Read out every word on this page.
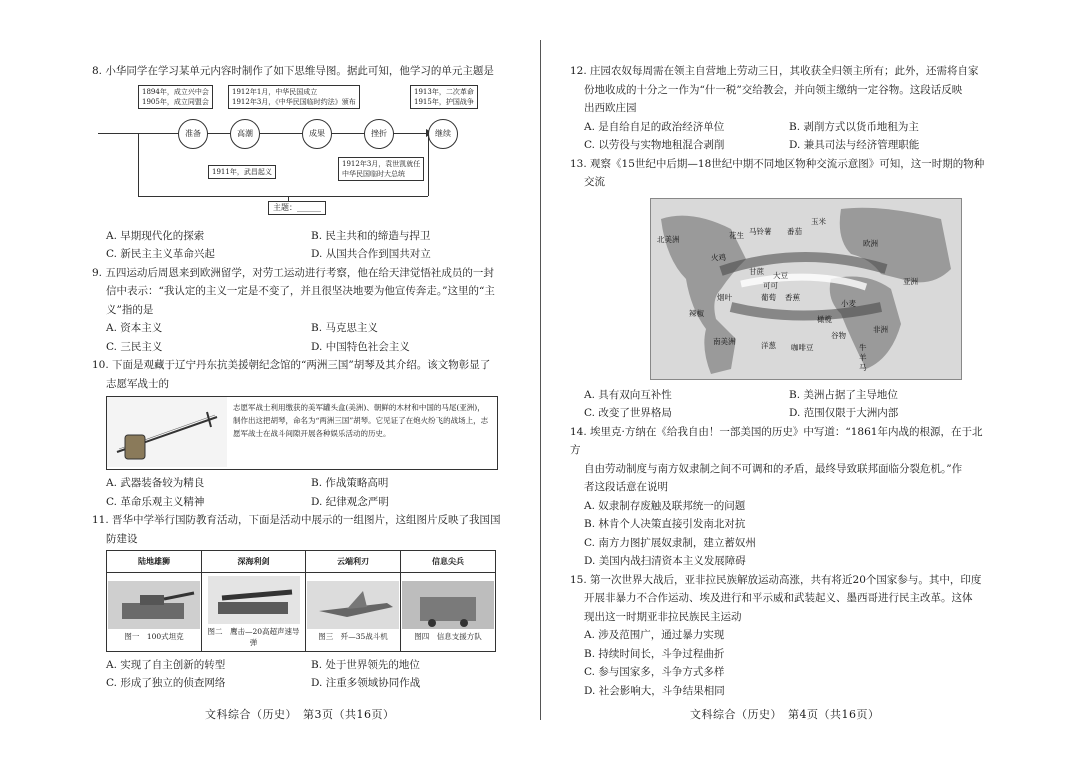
8. 小华同学在学习某单元内容时制作了如下思维导图。据此可知，他学习的单元主题是

1894年，成立兴中会
1905年，成立同盟会
1912年1月，中华民国成立
1912年3月，《中华民国临时约法》颁布
1913年，二次革命
1915年，护国战争
准备	高潮	成果	挫折	继续
1911年，武昌起义
1912年3月，袁世凯就任
中华民国临时大总统
主题：______
A. 早期现代化的探索	B. 民主共和的缔造与捍卫
C. 新民主主义革命兴起	D. 从国共合作到国共对立

9. 五四运动后周恩来到欧洲留学，对劳工运动进行考察，他在给天津觉悟社成员的一封

信中表示：“我认定的主义一定是不变了，并且很坚决地要为他宣传奔走。”这里的“主

义”指的是

A. 资本主义	B. 马克思主义
C. 三民主义	D. 中国特色社会主义

10. 下面是观藏于辽宁丹东抗美援朝纪念馆的“两洲三国”胡琴及其介绍。该文物彰显了

志愿军战士的

志愿军战士利用缴获的美军罐头盒(美洲)、朝鲜的木材和中国的马尾(亚洲)，制作出这把胡琴，命名为“两洲三国”胡琴。它见证了在炮火纷飞的战场上，志愿军战士在战斗间隙开展各种娱乐活动的历史。
A. 武器装备较为精良	B. 作战策略高明
C. 革命乐观主义精神	D. 纪律观念严明

11. 晋华中学举行国防教育活动，下面是活动中展示的一组图片，这组图片反映了我国国

防建设

陆地雄狮	深海利剑	云端利刃	信息尖兵

图一　100式坦克	图二　鹰击—20高超声速导弹	图三　歼—35战斗机	图四　信息支援方队
A. 实现了自主创新的转型	B. 处于世界领先的地位
C. 形成了独立的侦查网络	D. 注重多领域协同作战

12. 庄园农奴每周需在领主自营地上劳动三日，其收获全归领主所有；此外，还需将自家

份地收成的十分之一作为“什一税”交给教会，并向领主缴纳一定谷物。这段话反映

出西欧庄园

A. 是自给自足的政治经济单位	B. 剥削方式以货币地租为主
C. 以劳役与实物地租混合剥削	D. 兼具司法与经济管理职能

13. 观察《15世纪中后期—18世纪中期不同地区物种交流示意图》可知，这一时期的物种

交流

北美洲	欧洲
亚洲
非洲
南美洲
玉米
马铃薯 番茄
可可
烟叶
花生
甘蔗
葡萄 香蕉
小麦
大豆
牛
羊
马
火鸡
咖啡豆
谷物
洋葱
橄榄
辣椒
A. 具有双向互补性	B. 美洲占据了主导地位
C. 改变了世界格局	D. 范围仅限于大洲内部

14. 埃里克·方纳在《给我自由！一部美国的历史》中写道：“1861年内战的根源，在于北方

自由劳动制度与南方奴隶制之间不可调和的矛盾，最终导致联邦面临分裂危机。”作

者这段话意在说明

A. 奴隶制存废触及联邦统一的问题
B. 林肯个人决策直接引发南北对抗
C. 南方力图扩展奴隶制，建立蓄奴州
D. 美国内战扫清资本主义发展障碍

15. 第一次世界大战后，亚非拉民族解放运动高涨，共有将近20个国家参与。其中，印度

开展非暴力不合作运动、埃及进行和平示威和武装起义、墨西哥进行民主改革。这体

现出这一时期亚非拉民族民主运动

A. 涉及范围广，通过暴力实现
B. 持续时间长，斗争过程曲折
C. 参与国家多，斗争方式多样
D. 社会影响大，斗争结果相同
文科综合（历史）　第3页（共16页）	文科综合（历史）　第4页（共16页）
